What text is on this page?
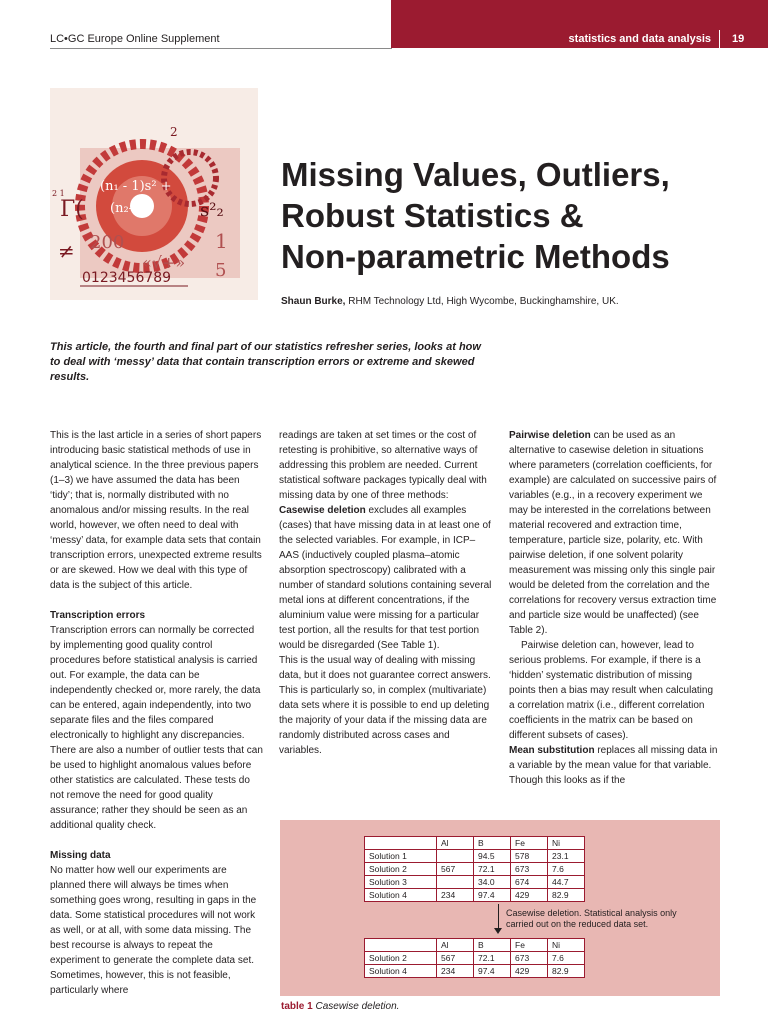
LC•GC Europe Online Supplement	statistics and data analysis 19
Γ(
(n₁ - 1)s² +
(n₂-2)	s²₂
≠ 200	1
«√+» 5
0123456789
2
2 1
Missing Values, Outliers,
Robust Statistics &
Non-parametric Methods
Shaun Burke, RHM Technology Ltd, High Wycombe, Buckinghamshire, UK.
This article, the fourth and final part of our statistics refresher series, looks at how to deal with ‘messy’ data that contain transcription errors or extreme and skewed results.

This is the last article in a series of short papers introducing basic statistical methods of use in analytical science. In the three previous papers (1–3) we have assumed the data has been ‘tidy’; that is, normally distributed with no anomalous and/or missing results. In the real world, however, we often need to deal with ‘messy’ data, for example data sets that contain transcription errors, unexpected extreme results or are skewed. How we deal with this type of data is the subject of this article.

Transcription errors

Transcription errors can normally be corrected by implementing good quality control procedures before statistical analysis is carried out. For example, the data can be independently checked or, more rarely, the data can be entered, again independently, into two separate files and the files compared electronically to highlight any discrepancies. There are also a number of outlier tests that can be used to highlight anomalous values before other statistics are calculated. These tests do not remove the need for good quality assurance; rather they should be seen as an additional quality check.

Missing data

No matter how well our experiments are planned there will always be times when something goes wrong, resulting in gaps in the data. Some statistical procedures will not work as well, or at all, with some data missing. The best recourse is always to repeat the experiment to generate the complete data set. Sometimes, however, this is not feasible, particularly where

readings are taken at set times or the cost of retesting is prohibitive, so alternative ways of addressing this problem are needed. Current statistical software packages typically deal with missing data by one of three methods:

Casewise deletion excludes all examples (cases) that have missing data in at least one of the selected variables. For example, in ICP–AAS (inductively coupled plasma–atomic absorption spectroscopy) calibrated with a number of standard solutions containing several metal ions at different concentrations, if the aluminium value were missing for a particular test portion, all the results for that test portion would be disregarded (See Table 1).

This is the usual way of dealing with missing data, but it does not guarantee correct answers. This is particularly so, in complex (multivariate) data sets where it is possible to end up deleting the majority of your data if the missing data are randomly distributed across cases and variables.

Pairwise deletion can be used as an alternative to casewise deletion in situations where parameters (correlation coefficients, for example) are calculated on successive pairs of variables (e.g., in a recovery experiment we may be interested in the correlations between material recovered and extraction time, temperature, particle size, polarity, etc. With pairwise deletion, if one solvent polarity measurement was missing only this single pair would be deleted from the correlation and the correlations for recovery versus extraction time and particle size would be unaffected) (see Table 2).

Pairwise deletion can, however, lead to serious problems. For example, if there is a ‘hidden’ systematic distribution of missing points then a bias may result when calculating a correlation matrix (i.e., different correlation coefficients in the matrix can be based on different subsets of cases).

Mean substitution replaces all missing data in a variable by the mean value for that variable. Though this looks as if the

	Al	B	Fe	Ni
Solution 1		94.5	578	23.1
Solution 2	567	72.1	673	7.6
Solution 3		34.0	674	44.7
Solution 4	234	97.4	429	82.9
Casewise deletion. Statistical analysis only carried out on the reduced data set.
	Al	B	Fe	Ni
Solution 2	567	72.1	673	7.6
Solution 4	234	97.4	429	82.9
table 1 Casewise deletion.
